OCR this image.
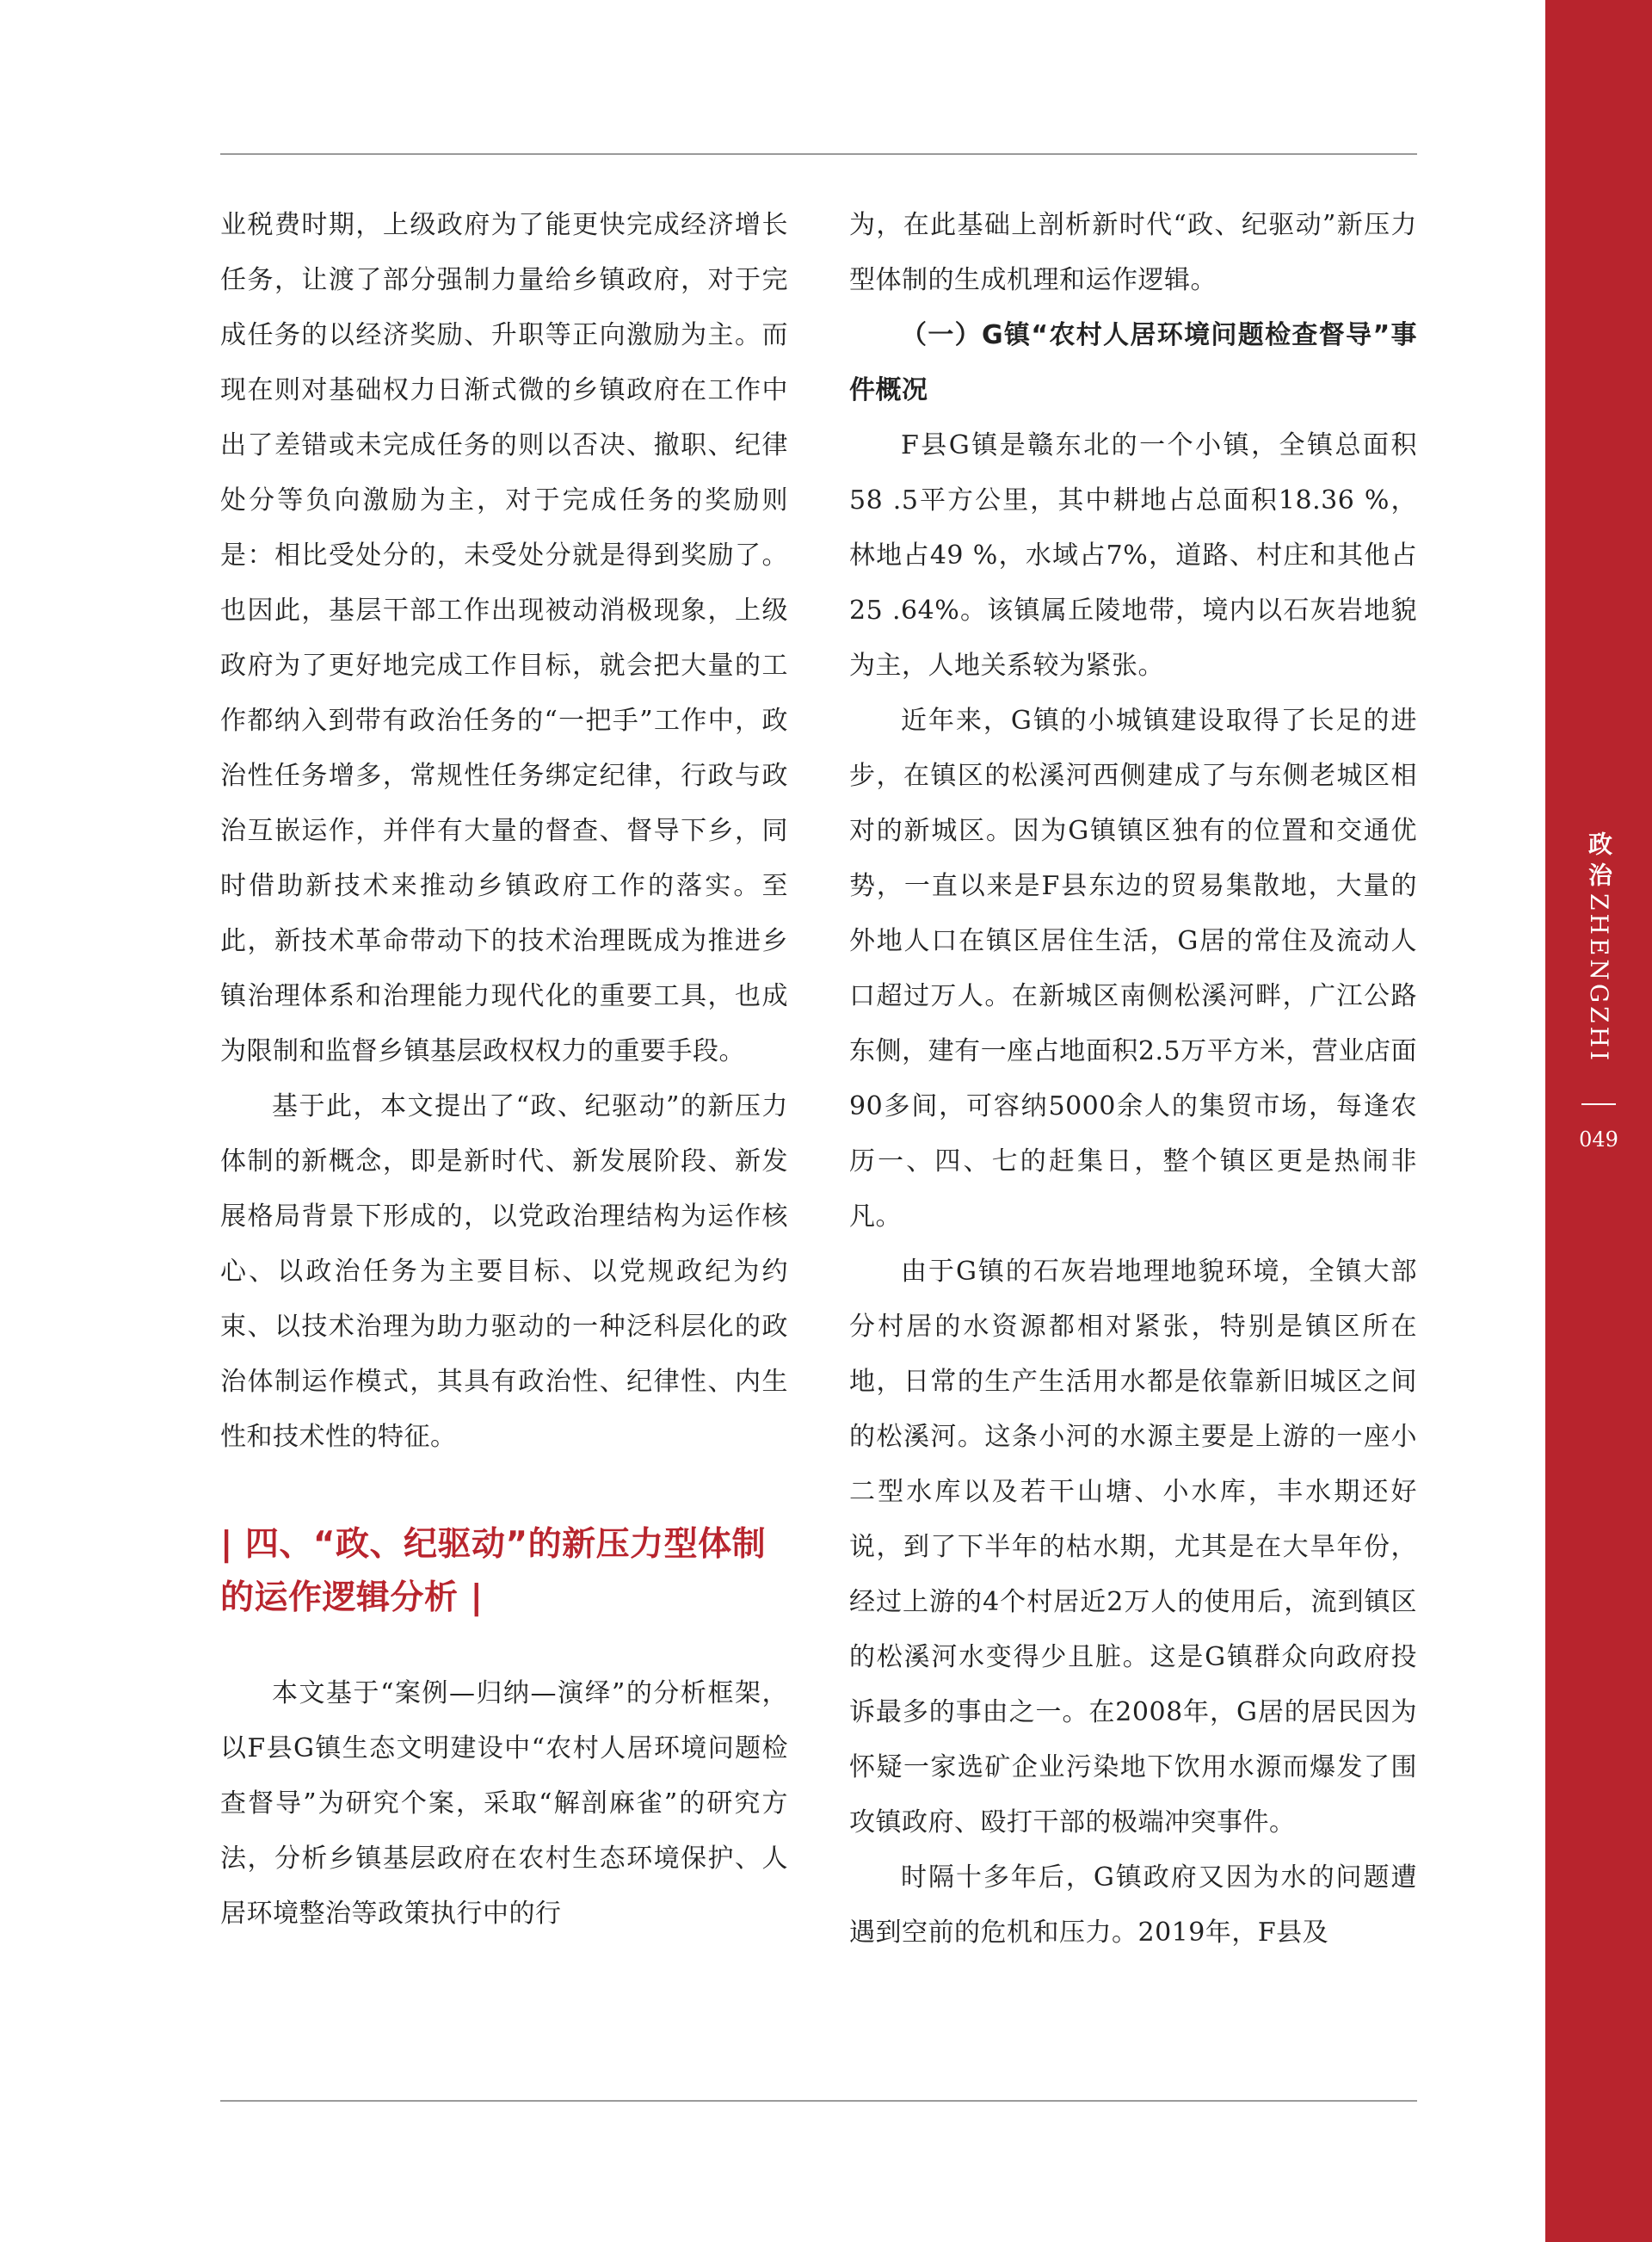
业税费时期，上级政府为了能更快完成经济增长任务，让渡了部分强制力量给乡镇政府，对于完成任务的以经济奖励、升职等正向激励为主。而现在则对基础权力日渐式微的乡镇政府在工作中出了差错或未完成任务的则以否决、撤职、纪律处分等负向激励为主，对于完成任务的奖励则是：相比受处分的，未受处分就是得到奖励了。也因此，基层干部工作出现被动消极现象，上级政府为了更好地完成工作目标，就会把大量的工作都纳入到带有政治任务的“一把手”工作中，政治性任务增多，常规性任务绑定纪律，行政与政治互嵌运作，并伴有大量的督查、督导下乡，同时借助新技术来推动乡镇政府工作的落实。至此，新技术革命带动下的技术治理既成为推进乡镇治理体系和治理能力现代化的重要工具，也成为限制和监督乡镇基层政权权力的重要手段。

基于此，本文提出了“政、纪驱动”的新压力体制的新概念，即是新时代、新发展阶段、新发展格局背景下形成的，以党政治理结构为运作核心、以政治任务为主要目标、以党规政纪为约束、以技术治理为助力驱动的一种泛科层化的政治体制运作模式，其具有政治性、纪律性、内生性和技术性的特征。

| 四、“政、纪驱动”的新压力型体制的运作逻辑分析 |

本文基于“案例—归纳—演绎”的分析框架，以F县G镇生态文明建设中“农村人居环境问题检查督导”为研究个案，采取“解剖麻雀”的研究方法，分析乡镇基层政府在农村生态环境保护、人居环境整治等政策执行中的行

为，在此基础上剖析新时代“政、纪驱动”新压力型体制的生成机理和运作逻辑。

（一）G镇“农村人居环境问题检查督导”事件概况

F县G镇是赣东北的一个小镇，全镇总面积58 .5平方公里，其中耕地占总面积18.36 %，林地占49 %，水域占7%，道路、村庄和其他占25 .64%。该镇属丘陵地带，境内以石灰岩地貌为主，人地关系较为紧张。

近年来，G镇的小城镇建设取得了长足的进步，在镇区的松溪河西侧建成了与东侧老城区相对的新城区。因为G镇镇区独有的位置和交通优势，一直以来是F县东边的贸易集散地，大量的外地人口在镇区居住生活，G居的常住及流动人口超过万人。在新城区南侧松溪河畔，广江公路东侧，建有一座占地面积2.5万平方米，营业店面90多间，可容纳5000余人的集贸市场，每逢农历一、四、七的赶集日，整个镇区更是热闹非凡。

由于G镇的石灰岩地理地貌环境，全镇大部分村居的水资源都相对紧张，特别是镇区所在地，日常的生产生活用水都是依靠新旧城区之间的松溪河。这条小河的水源主要是上游的一座小二型水库以及若干山塘、小水库，丰水期还好说，到了下半年的枯水期，尤其是在大旱年份，经过上游的4个村居近2万人的使用后，流到镇区的松溪河水变得少且脏。这是G镇群众向政府投诉最多的事由之一。在2008年，G居的居民因为怀疑一家选矿企业污染地下饮用水源而爆发了围攻镇政府、殴打干部的极端冲突事件。

时隔十多年后，G镇政府又因为水的问题遭遇到空前的危机和压力。2019年，F县及

政治
ZHENGZHI
049
